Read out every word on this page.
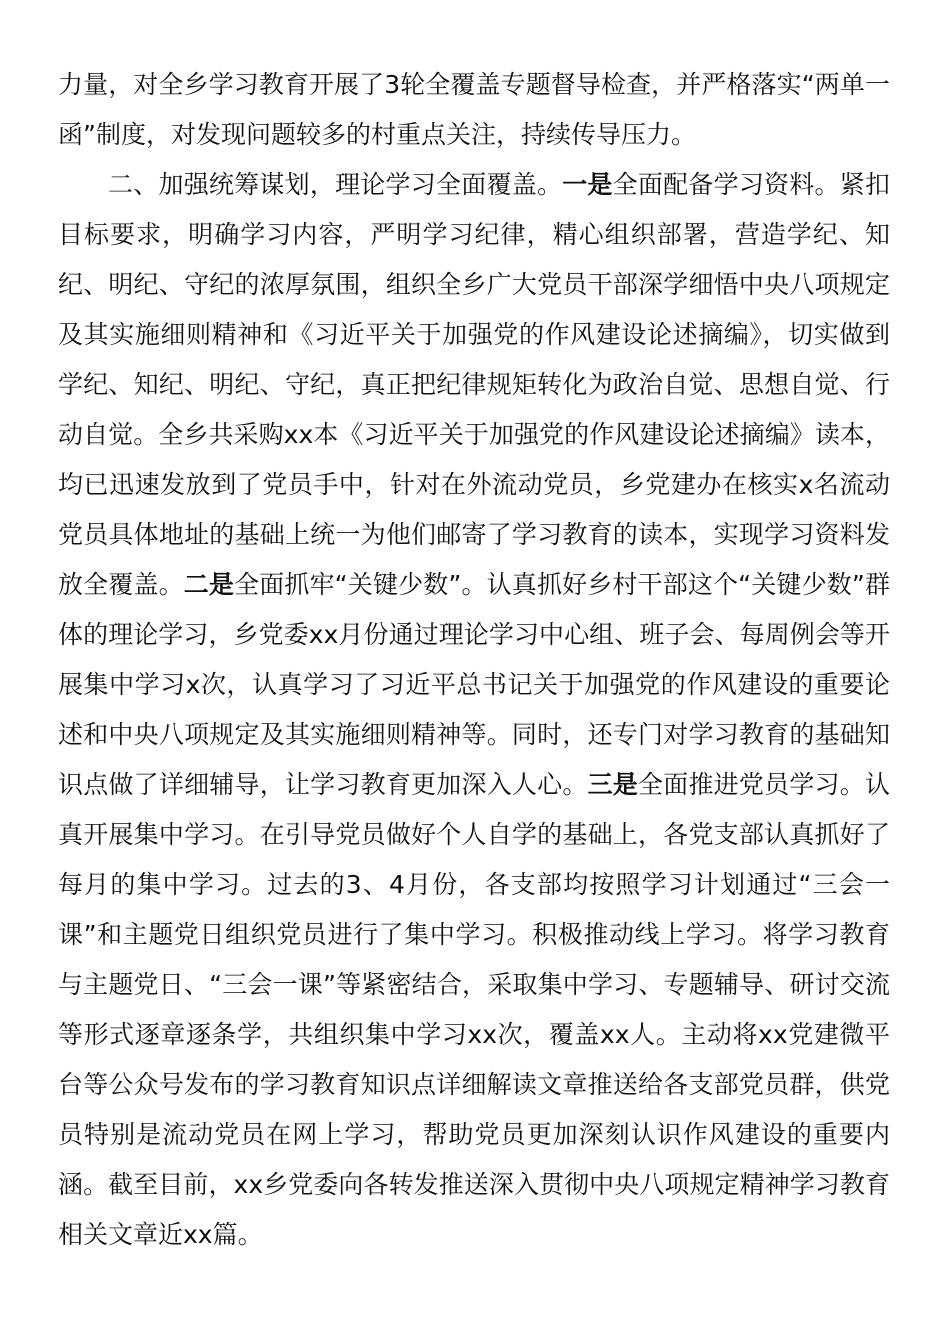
力量，对全乡学习教育开展了3轮全覆盖专题督导检查，并严格落实“两单一函”制度，对发现问题较多的村重点关注，持续传导压力。

二、加强统筹谋划，理论学习全面覆盖。一是全面配备学习资料。紧扣目标要求，明确学习内容，严明学习纪律，精心组织部署，营造学纪、知纪、明纪、守纪的浓厚氛围，组织全乡广大党员干部深学细悟中央八项规定及其实施细则精神和《习近平关于加强党的作风建设论述摘编》，切实做到学纪、知纪、明纪、守纪，真正把纪律规矩转化为政治自觉、思想自觉、行动自觉。全乡共采购xx本《习近平关于加强党的作风建设论述摘编》读本，均已迅速发放到了党员手中，针对在外流动党员，乡党建办在核实x名流动党员具体地址的基础上统一为他们邮寄了学习教育的读本，实现学习资料发放全覆盖。二是全面抓牢“关键少数”。认真抓好乡村干部这个“关键少数”群体的理论学习，乡党委xx月份通过理论学习中心组、班子会、每周例会等开展集中学习x次，认真学习了习近平总书记关于加强党的作风建设的重要论述和中央八项规定及其实施细则精神等。同时，还专门对学习教育的基础知识点做了详细辅导，让学习教育更加深入人心。三是全面推进党员学习。认真开展集中学习。在引导党员做好个人自学的基础上，各党支部认真抓好了每月的集中学习。过去的3、4月份，各支部均按照学习计划通过“三会一课”和主题党日组织党员进行了集中学习。积极推动线上学习。将学习教育与主题党日、“三会一课”等紧密结合，采取集中学习、专题辅导、研讨交流等形式逐章逐条学，共组织集中学习xx次，覆盖xx人。主动将xx党建微平台等公众号发布的学习教育知识点详细解读文章推送给各支部党员群，供党员特别是流动党员在网上学习，帮助党员更加深刻认识作风建设的重要内涵。截至目前，xx乡党委向各转发推送深入贯彻中央八项规定精神学习教育相关文章近xx篇。
